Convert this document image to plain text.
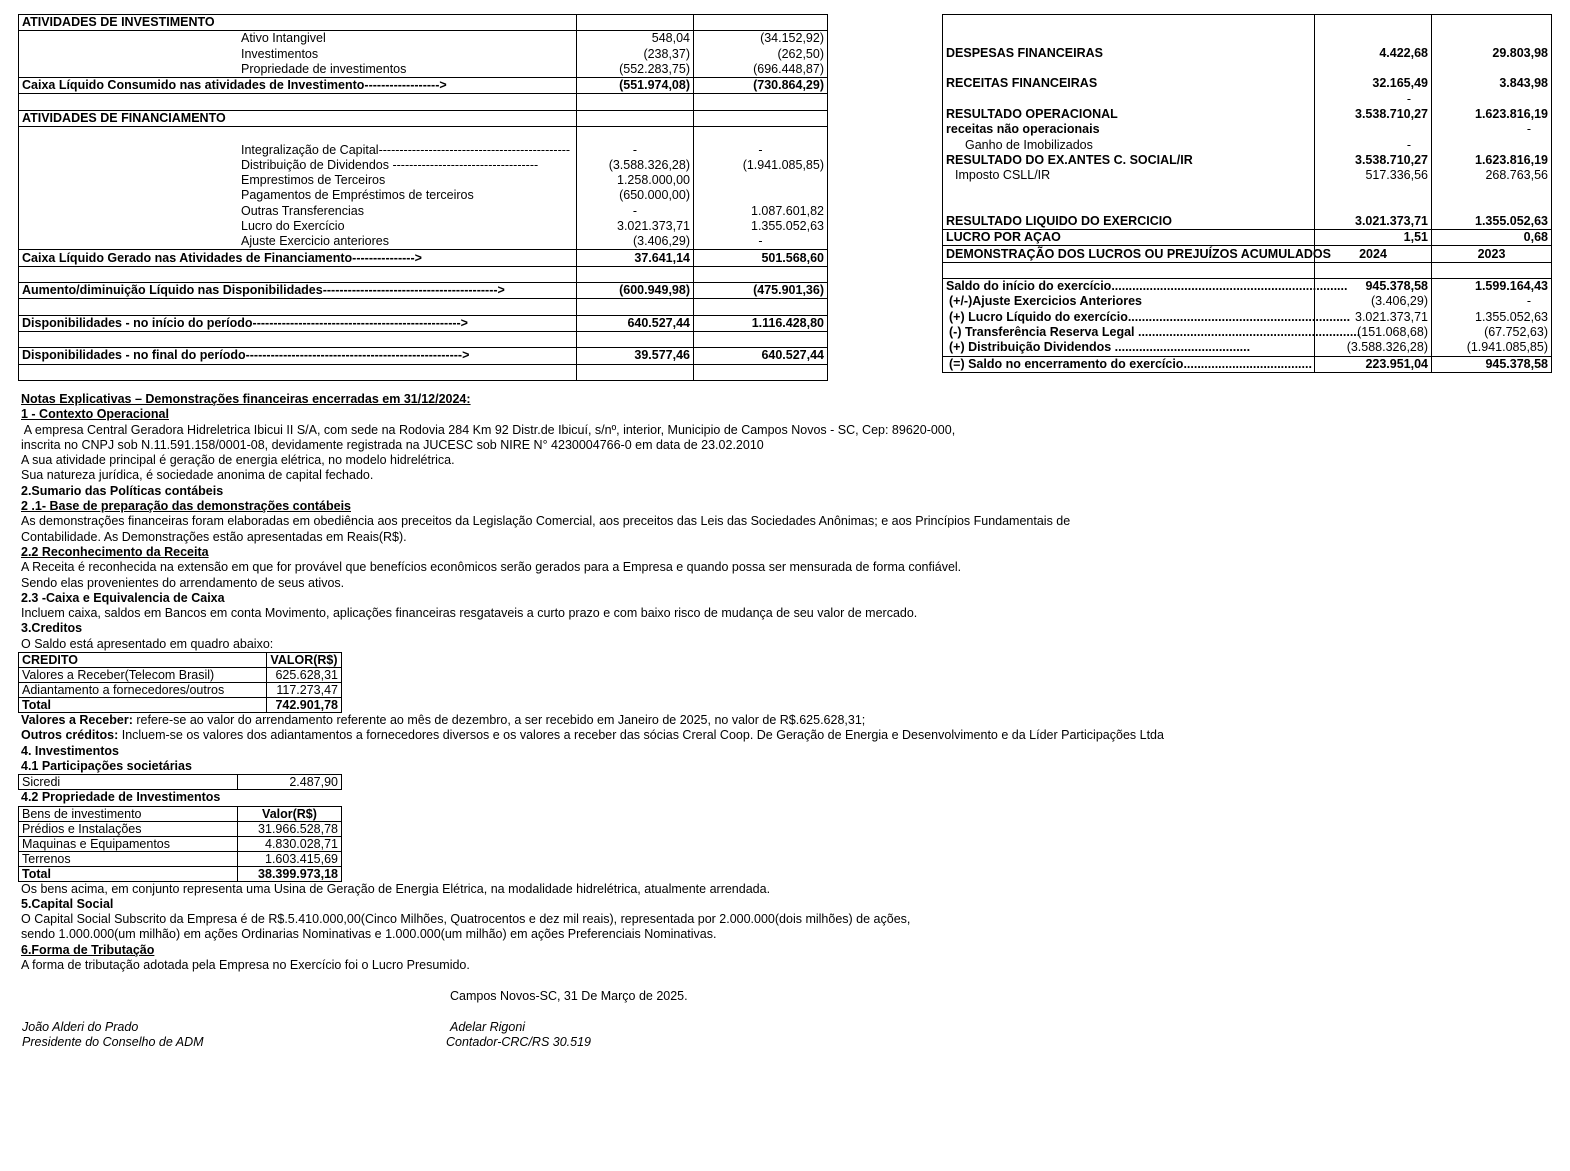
ATIVIDADES DE INVESTIMENTO		
Ativo Intangivel	548,04	(34.152,92)
Investimentos	(238,37)	(262,50)
Propriedade de investimentos	(552.283,75)	(696.448,87)
Caixa Líquido Consumido nas atividades de Investimento------------------>	(551.974,08)	(730.864,29)

ATIVIDADES DE FINANCIAMENTO		

Integralização de Capital----------------------------------------------	-	-
Distribuição de Dividendos -----------------------------------	(3.588.326,28)	(1.941.085,85)
Emprestimos de Terceiros	1.258.000,00	
Pagamentos de Empréstimos de terceiros	(650.000,00)	
Outras Transferencias	-	1.087.601,82
Lucro do Exercício	3.021.373,71	1.355.052,63
Ajuste Exercicio anteriores	(3.406,29)	-
Caixa Líquido Gerado nas Atividades de Financiamento--------------->	37.641,14	501.568,60

Aumento/diminuição Líquido nas Disponibilidades------------------------------------------>	(600.949,98)	(475.901,36)

Disponibilidades - no início do período-------------------------------------------------->	640.527,44	1.116.428,80

Disponibilidades - no final do período---------------------------------------------------->	39.577,46	640.527,44

DESPESAS FINANCEIRAS	4.422,68	29.803,98

RECEITAS FINANCEIRAS	32.165,49	3.843,98
	-	
RESULTADO OPERACIONAL	3.538.710,27	1.623.816,19
receitas não operacionais		-
Ganho de Imobilizados	-	
RESULTADO DO EX.ANTES C. SOCIAL/IR	3.538.710,27	1.623.816,19
Imposto CSLL/IR	517.336,56	268.763,56

RESULTADO LIQUIDO DO EXERCICIO	3.021.373,71	1.355.052,63
LUCRO POR AÇAO	1,51	0,68
DEMONSTRAÇÃO DOS LUCROS OU PREJUÍZOS ACUMULADOS	2024	2023

Saldo do início do exercício....................................................................	945.378,58	1.599.164,43
(+/-)Ajuste Exercicios Anteriores	(3.406,29)	-
(+) Lucro Líquido do exercício................................................................	3.021.373,71	1.355.052,63
(-) Transferência Reserva Legal ................................................................	(151.068,68)	(67.752,63)
(+) Distribuição Dividendos .......................................	(3.588.326,28)	(1.941.085,85)
(=) Saldo no encerramento do exercício.....................................	223.951,04	945.378,58
Notas Explicativas – Demonstrações financeiras encerradas em 31/12/2024:
1 - Contexto Operacional
A empresa Central Geradora Hidreletrica Ibicui II S/A, com sede na Rodovia 284 Km 92 Distr.de Ibicuí, s/nº, interior, Municipio de Campos Novos - SC, Cep: 89620-000,
inscrita no CNPJ sob N.11.591.158/0001-08, devidamente registrada na JUCESC sob NIRE N° 4230004766-0 em data de 23.02.2010
A sua atividade principal é geração de energia elétrica, no modelo hidrelétrica.
Sua natureza jurídica, é sociedade anonima de capital fechado.
2.Sumario das Políticas contábeis
2 .1- Base de preparação das demonstrações contábeis
As demonstrações financeiras foram elaboradas em obediência aos preceitos da Legislação Comercial, aos preceitos das Leis das Sociedades Anônimas; e aos Princípios Fundamentais de
Contabilidade. As Demonstrações estão apresentadas em Reais(R$).
2.2 Reconhecimento da Receita
A Receita é reconhecida na extensão em que for provável que benefícios econômicos serão gerados para a Empresa e quando possa ser mensurada de forma confiável.
Sendo elas provenientes do arrendamento de seus ativos.
2.3 -Caixa e Equivalencia de Caixa
Incluem caixa, saldos em Bancos em conta Movimento, aplicações financeiras resgataveis a curto prazo e com baixo risco de mudança de seu valor de mercado.
3.Creditos
O Saldo está apresentado em quadro abaixo:
CREDITO	VALOR(R$)
Valores a Receber(Telecom Brasil)	625.628,31
Adiantamento a fornecedores/outros	117.273,47
Total	742.901,78
Valores a Receber: refere-se ao valor do arrendamento referente ao mês de dezembro, a ser recebido em Janeiro de 2025, no valor de R$.625.628,31;
Outros créditos: Incluem-se os valores dos adiantamentos a fornecedores diversos e os valores a receber das sócias Creral Coop. De Geração de Energia e Desenvolvimento e da Líder Participações Ltda
4. Investimentos
4.1 Participações societárias
Sicredi	2.487,90
4.2 Propriedade de Investimentos
Bens de investimento	Valor(R$)
Prédios e Instalações	31.966.528,78
Maquinas e Equipamentos	4.830.028,71
Terrenos	1.603.415,69
Total	38.399.973,18
Os bens acima, em conjunto representa uma Usina de Geração de Energia Elétrica, na modalidade hidrelétrica, atualmente arrendada.
5.Capital Social
O Capital Social Subscrito da Empresa é de R$.5.410.000,00(Cinco Milhões, Quatrocentos e dez mil reais), representada por 2.000.000(dois milhões) de ações,
sendo 1.000.000(um milhão) em ações Ordinarias Nominativas e 1.000.000(um milhão) em ações Preferenciais Nominativas.
6.Forma de Tributação
A forma de tributação adotada pela Empresa no Exercício foi o Lucro Presumido.
Campos Novos-SC, 31 De Março de 2025.
João Alderi do Prado
Presidente do Conselho de ADM
Adelar Rigoni
Contador-CRC/RS 30.519
